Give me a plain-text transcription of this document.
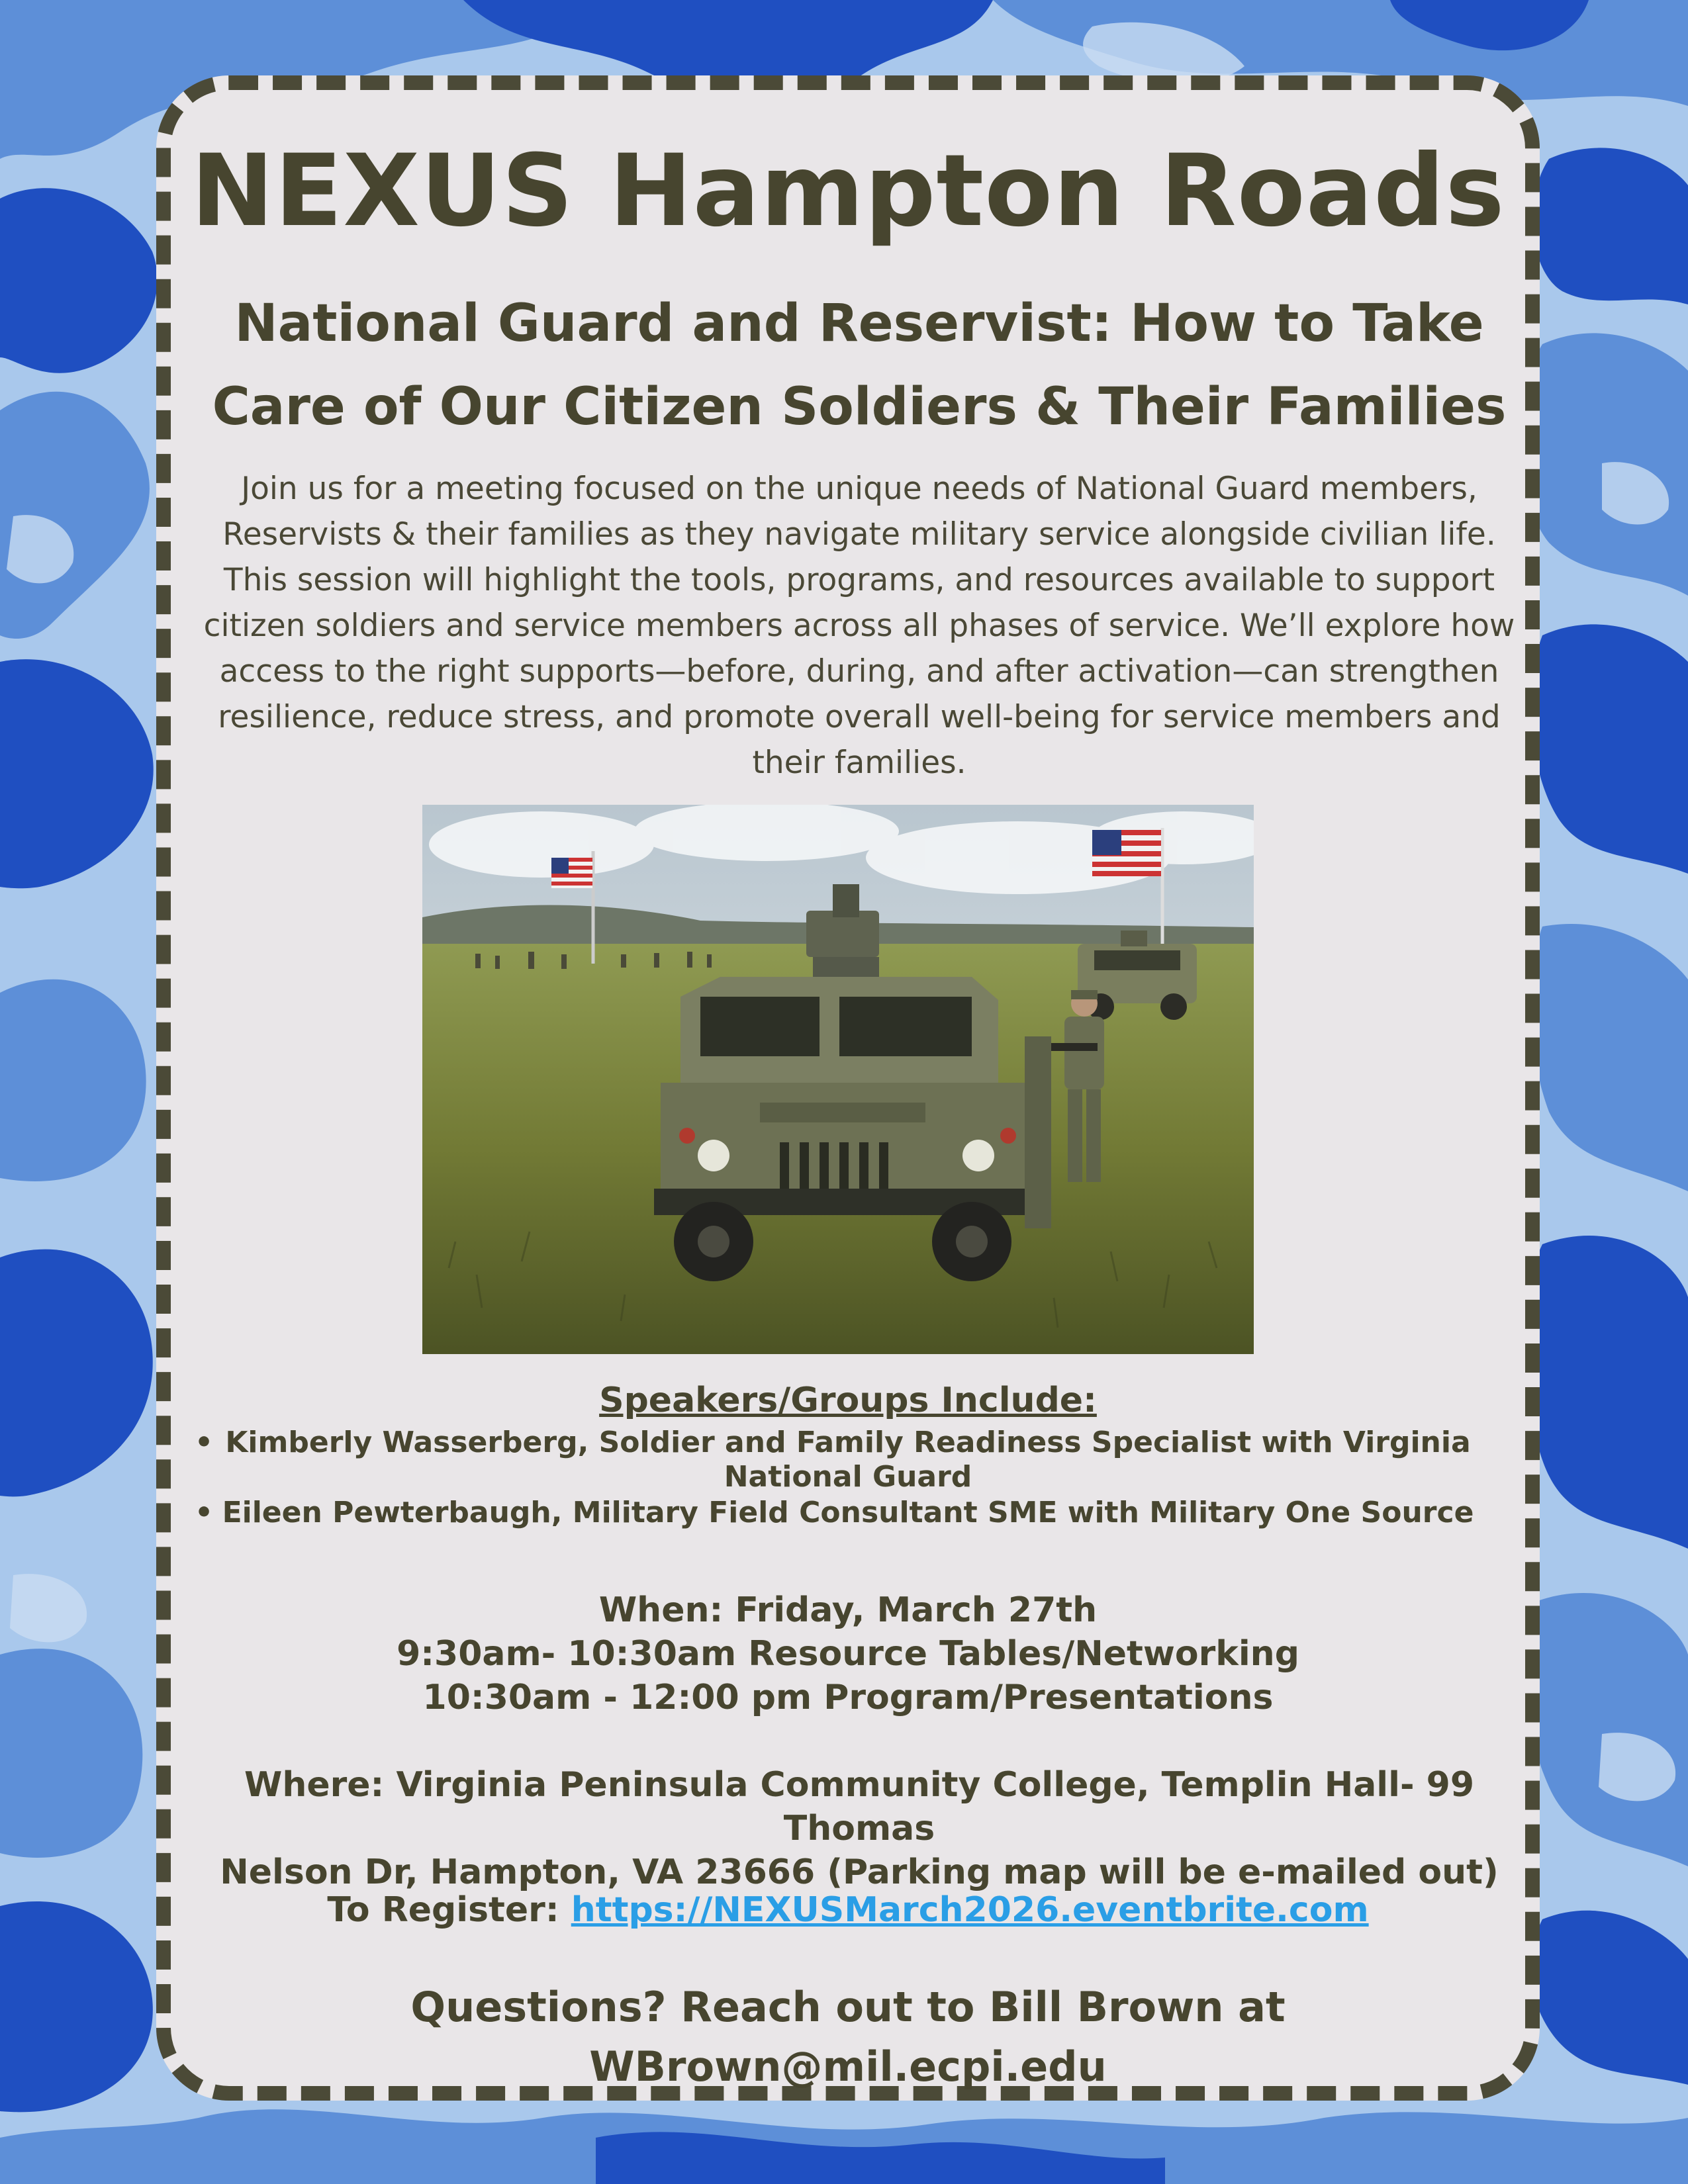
NEXUS Hampton Roads
National Guard and Reservist: How to Take
Care of Our Citizen Soldiers & Their Families
Join us for a meeting focused on the unique needs of National Guard members, Reservists & their families as they navigate military service alongside civilian life. This session will highlight the tools, programs, and resources available to support citizen soldiers and service members across all phases of service. We’ll explore how access to the right supports—before, during, and after activation—can strengthen resilience, reduce stress, and promote overall well-being for service members and their families.
Speakers/Groups Include:
• Kimberly Wasserberg, Soldier and Family Readiness Specialist with Virginia National Guard
• Eileen Pewterbaugh, Military Field Consultant SME with Military One Source
When: Friday, March 27th
9:30am- 10:30am Resource Tables/Networking
10:30am - 12:00 pm Program/Presentations
Where: Virginia Peninsula Community College, Templin Hall- 99 Thomas
Nelson Dr, Hampton, VA 23666 (Parking map will be e-mailed out)
To Register: https://NEXUSMarch2026.eventbrite.com
Questions? Reach out to Bill Brown at
WBrown@mil.ecpi.edu
